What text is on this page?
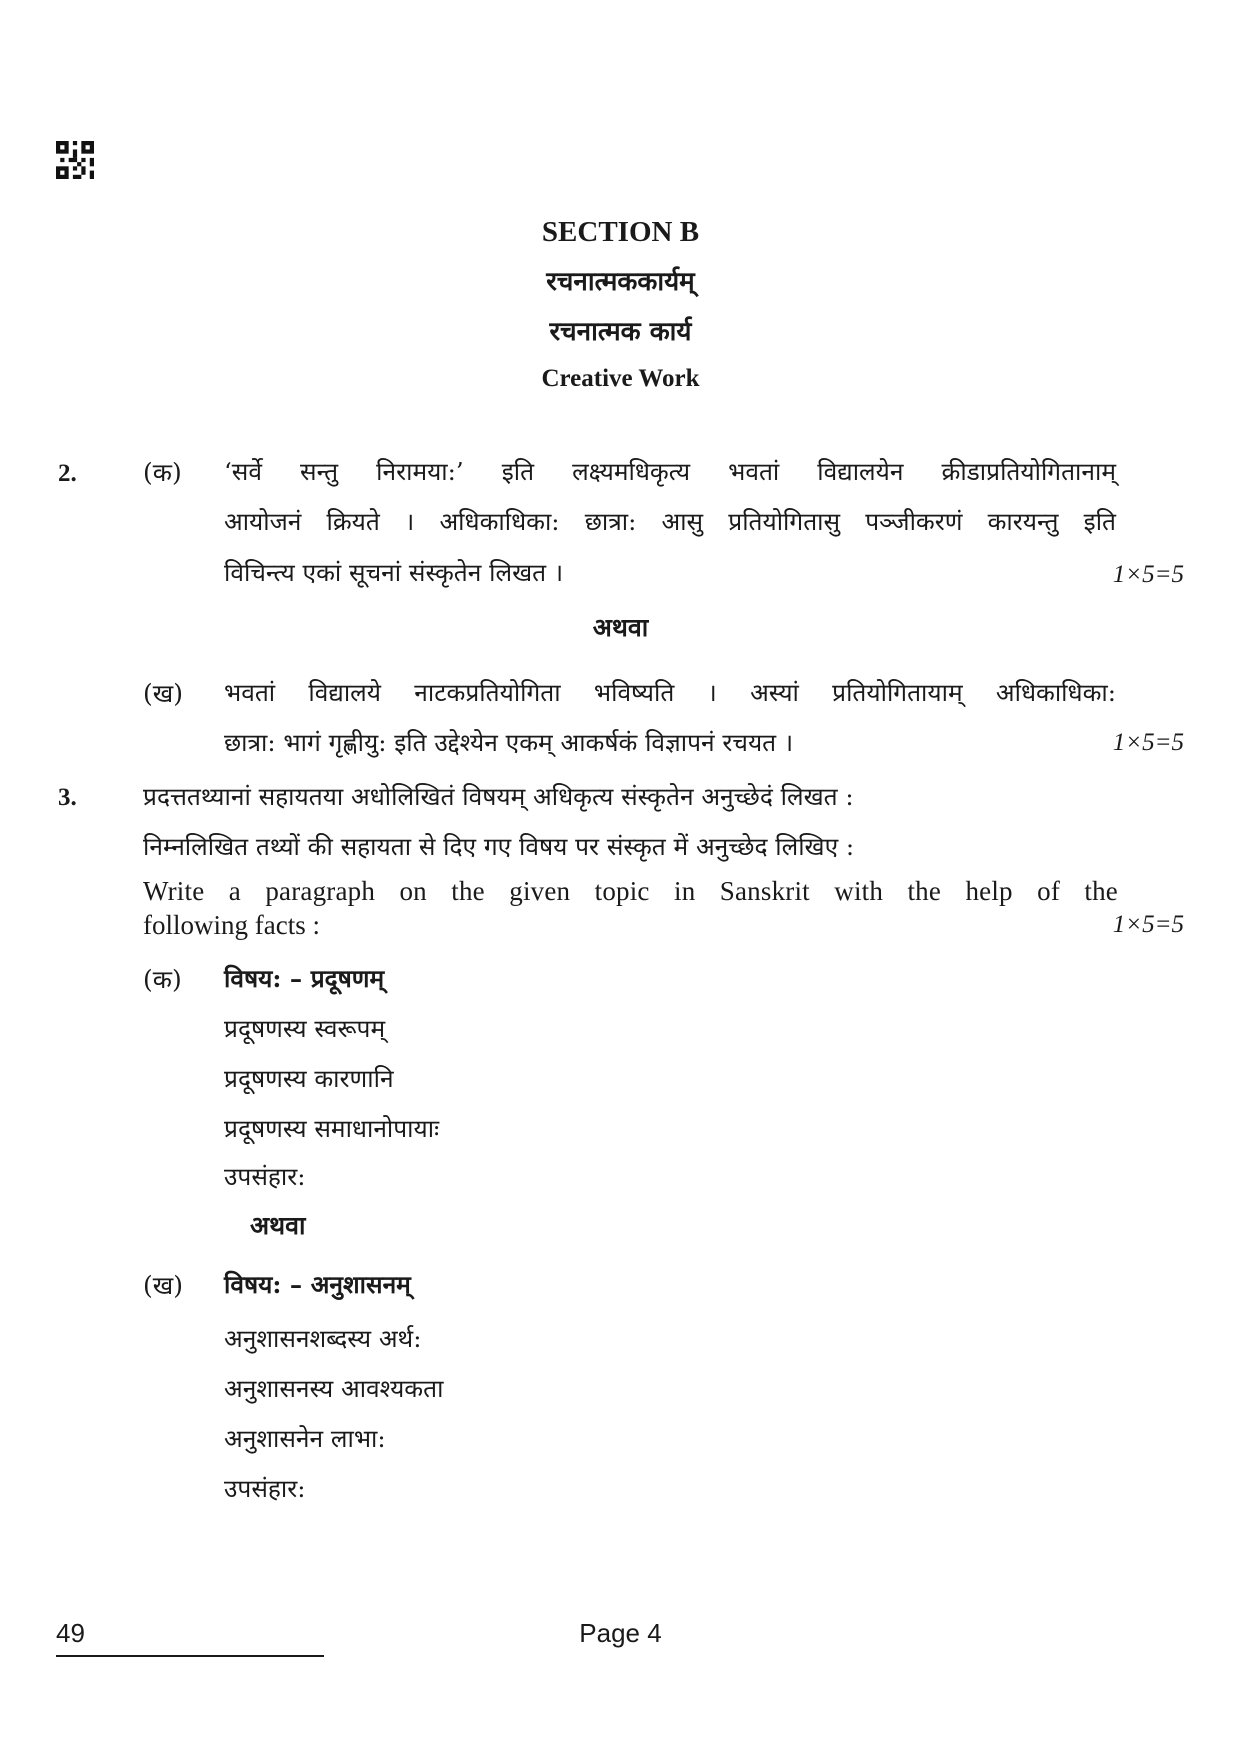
SECTION B
रचनात्मककार्यम्
रचनात्मक कार्य
Creative Work
2.	(क) ‘सर्वे सन्तु निरामया:’ इति लक्ष्यमधिकृत्य भवतां विद्यालयेन क्रीडाप्रतियोगितानाम्
आयोजनं क्रियते । अधिकाधिका: छात्रा: आसु प्रतियोगितासु पञ्जीकरणं कारयन्तु इति
विचिन्त्य एकां सूचनां संस्कृतेन लिखत ।	1×5=5
अथवा
(ख) भवतां विद्यालये नाटकप्रतियोगिता भविष्यति । अस्यां प्रतियोगितायाम् अधिकाधिका:
छात्रा: भागं गृह्णीयु: इति उद्देश्येन एकम् आकर्षकं विज्ञापनं रचयत ।	1×5=5
3.	प्रदत्ततथ्यानां सहायतया अधोलिखितं विषयम् अधिकृत्य संस्कृतेन अनुच्छेदं लिखत :
निम्नलिखित तथ्यों की सहायता से दिए गए विषय पर संस्कृत में अनुच्छेद लिखिए :
Write a paragraph on the given topic in Sanskrit with the help of the
following facts :	1×5=5
(क) विषय: – प्रदूषणम्
प्रदूषणस्य स्वरूपम्
प्रदूषणस्य कारणानि
प्रदूषणस्य समाधानोपायाः
उपसंहार:
अथवा
(ख) विषय: – अनुशासनम्
अनुशासनशब्दस्य अर्थ:
अनुशासनस्य आवश्यकता
अनुशासनेन लाभा:
उपसंहार:
49	Page 4
